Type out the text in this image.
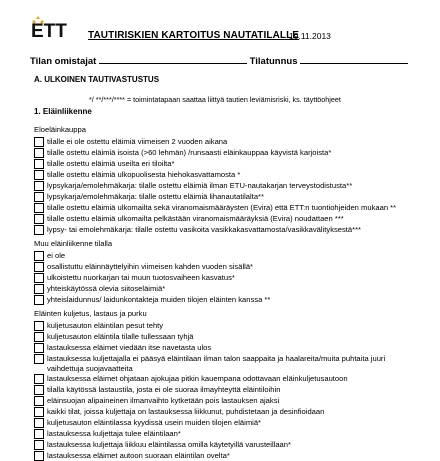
ETT TAUTIRISKIEN KARTOITUS NAUTATILALLE
19.11.2013
Tilan omistajat	Tilatunnus
A. ULKOINEN TAUTIVASTUSTUS
*/ **/***/**** = toimintatapaan saattaa liittyä tautien leviämisriski, ks. täyttöohjeet
1. Eläinliikenne
Eloeläinkauppa
tilalle ei ole ostettu eläimiä viimeisen 2 vuoden aikana
tilalle ostettu eläimiä isoista (>60 lehmän) /runsaasti eläinkauppaa käyvistä karjoista*
tilalle ostettu eläimiä useilta eri tiloilta*
tilalle ostettu eläimiä ulkopuolisesta hiehokasvattamosta *
lypsykarja/emolehmäkarja: tilalle ostettu eläimiä ilman ETU-nautakarjan terveystodistusta**
lypsykarja/emolehmäkarja: tilalle ostettu eläimiä lihanautatilalta**
tilalle ostettu eläimiä ulkomailta sekä viranomaismääräysten (Evira) että ETT:n tuontiohjeiden mukaan **
tilalle ostettu eläimiä ulkomailta pelkästään viranomaismääräyksiä (Evira) noudattaen ***
lypsy- tai emolehmäkarja: tilalle ostettu vasikoita vasikkakasvattamosta/vasikkavälityksestä***
Muu eläinliikenne tilalla
ei ole
osallistuttu eläinnäyttelyihin viimeisen kahden vuoden sisällä*
ulkoistettu nuorkarjan tai muun tuotosvaiheen kasvatus*
yhteiskäytössä olevia siitoseläimiä*
yhteislaidunnus/ laidunkontakteja muiden tilojen eläinten kanssa **
Eläinten kuljetus, lastaus ja purku
kuljetusauton eläintilan pesut tehty
kuljetusauton eläintila tilalle tullessaan tyhjä
lastauksessa eläimet viedään itse navetasta ulos
lastauksessa kuljettajalla ei pääsyä eläintilaan ilman talon saappaita ja haalareita/muita puhtaita juuri vaihdettuja suojavaatteita
lastauksessa eläimet ohjataan ajokujaa pitkin kauempana odottavaan eläinkuljetusautoon
tilalla käytössä lastaustila, josta ei ole suoraa ilmayhteyttä eläintiloihin
eläinsuojan alipaineinen ilmanvaihto kytketään pois lastauksen ajaksi
kaikki tilat, joissa kuljettaja on lastauksessa liikkunut, puhdistetaan ja desinfioidaan
kuljetusauton eläintilassa kyydissä usein muiden tilojen eläimiä*
lastauksessa kuljettaja tulee eläintilaan*
lastauksessa kuljettaja liikkuu eläintilassa omilla käytetyillä varusteillaan*
lastauksessa eläimet autoon suoraan eläintilan ovelta*
